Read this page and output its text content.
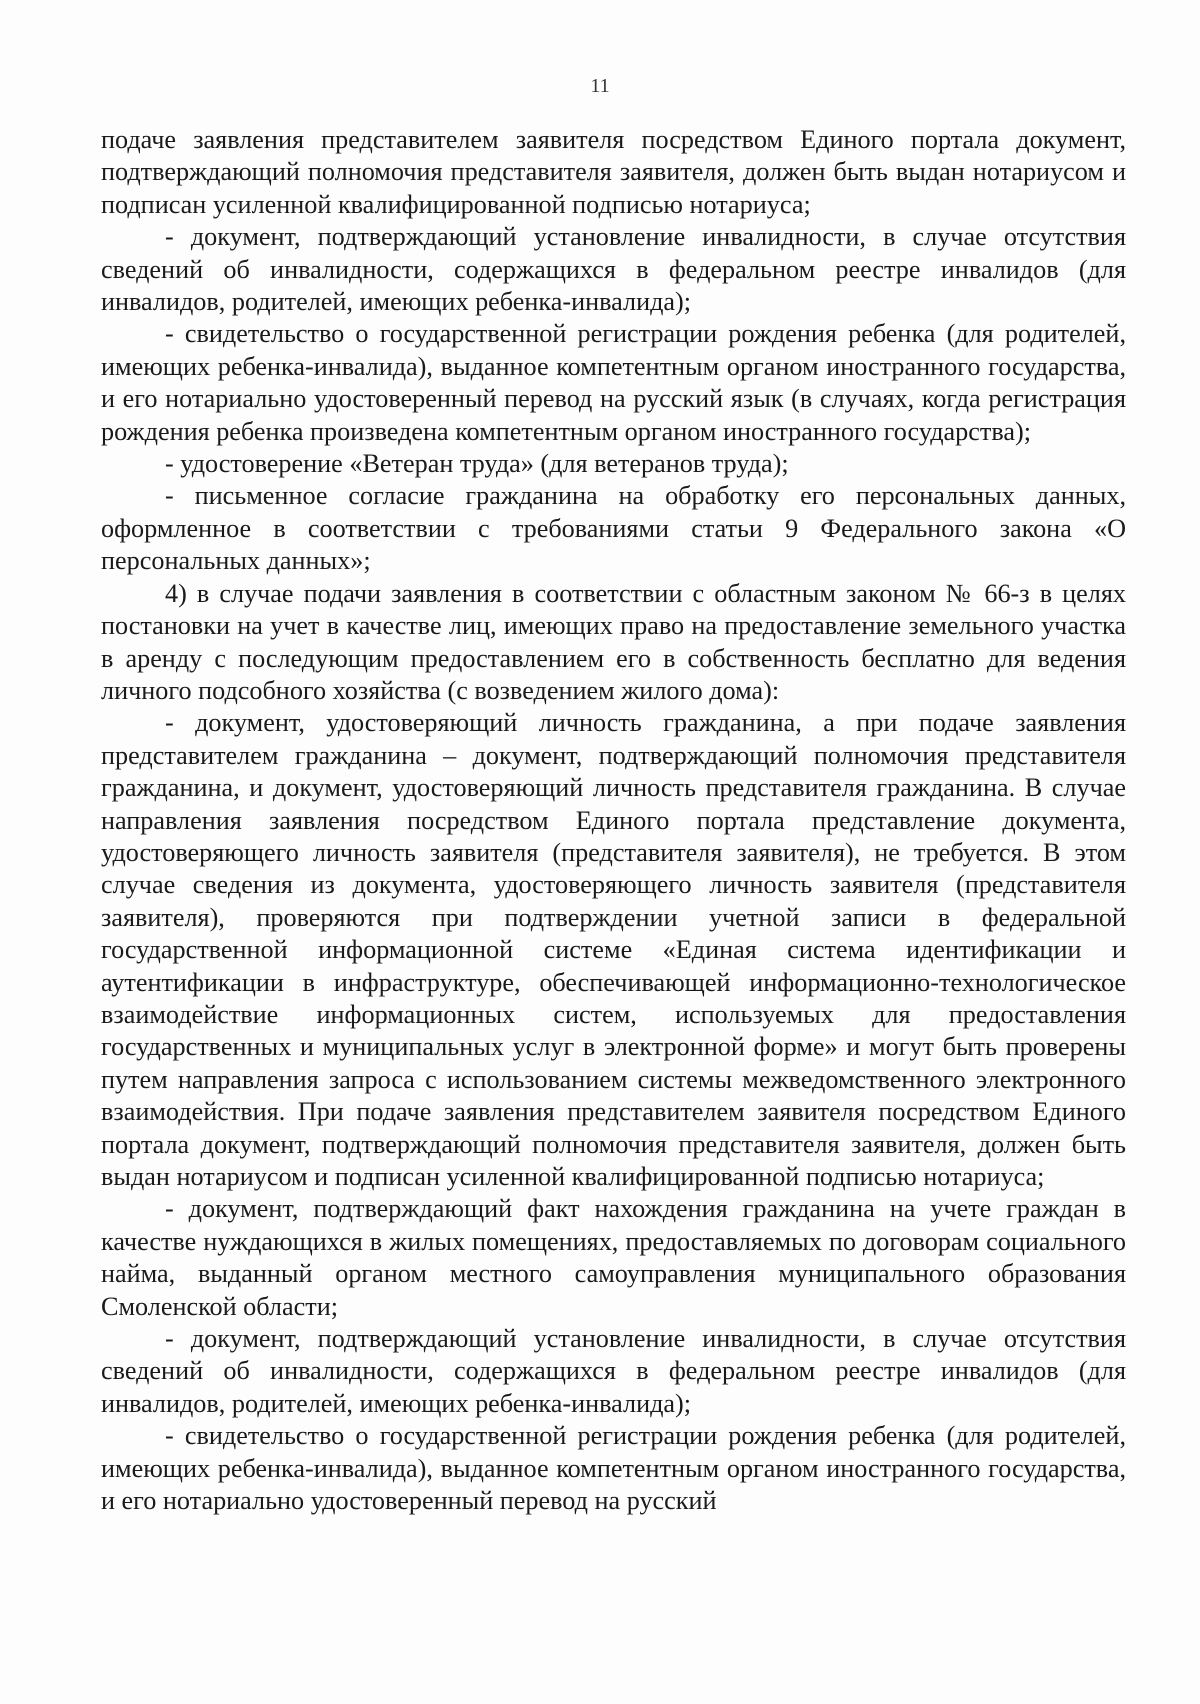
11

подаче заявления представителем заявителя посредством Единого портала документ, подтверждающий полномочия представителя заявителя, должен быть выдан нотариусом и подписан усиленной квалифицированной подписью нотариуса;

- документ, подтверждающий установление инвалидности, в случае отсутствия сведений об инвалидности, содержащихся в федеральном реестре инвалидов (для инвалидов, родителей, имеющих ребенка-инвалида);

- свидетельство о государственной регистрации рождения ребенка (для родителей, имеющих ребенка-инвалида), выданное компетентным органом иностранного государства, и его нотариально удостоверенный перевод на русский язык (в случаях, когда регистрация рождения ребенка произведена компетентным органом иностранного государства);

- удостоверение «Ветеран труда» (для ветеранов труда);

- письменное согласие гражданина на обработку его персональных данных, оформленное в соответствии с требованиями статьи 9 Федерального закона «О персональных данных»;

4) в случае подачи заявления в соответствии с областным законом № 66-з в целях постановки на учет в качестве лиц, имеющих право на предоставление земельного участка в аренду с последующим предоставлением его в собственность бесплатно для ведения личного подсобного хозяйства (с возведением жилого дома):

- документ, удостоверяющий личность гражданина, а при подаче заявления представителем гражданина – документ, подтверждающий полномочия представителя гражданина, и документ, удостоверяющий личность представителя гражданина. В случае направления заявления посредством Единого портала представление документа, удостоверяющего личность заявителя (представителя заявителя), не требуется. В этом случае сведения из документа, удостоверяющего личность заявителя (представителя заявителя), проверяются при подтверждении учетной записи в федеральной государственной информационной системе «Единая система идентификации и аутентификации в инфраструктуре, обеспечивающей информационно-технологическое взаимодействие информационных систем, используемых для предоставления государственных и муниципальных услуг в электронной форме» и могут быть проверены путем направления запроса с использованием системы межведомственного электронного взаимодействия. При подаче заявления представителем заявителя посредством Единого портала документ, подтверждающий полномочия представителя заявителя, должен быть выдан нотариусом и подписан усиленной квалифицированной подписью нотариуса;

- документ, подтверждающий факт нахождения гражданина на учете граждан в качестве нуждающихся в жилых помещениях, предоставляемых по договорам социального найма, выданный органом местного самоуправления муниципального образования Смоленской области;

- документ, подтверждающий установление инвалидности, в случае отсутствия сведений об инвалидности, содержащихся в федеральном реестре инвалидов (для инвалидов, родителей, имеющих ребенка-инвалида);

- свидетельство о государственной регистрации рождения ребенка (для родителей, имеющих ребенка-инвалида), выданное компетентным органом иностранного государства, и его нотариально удостоверенный перевод на русский
